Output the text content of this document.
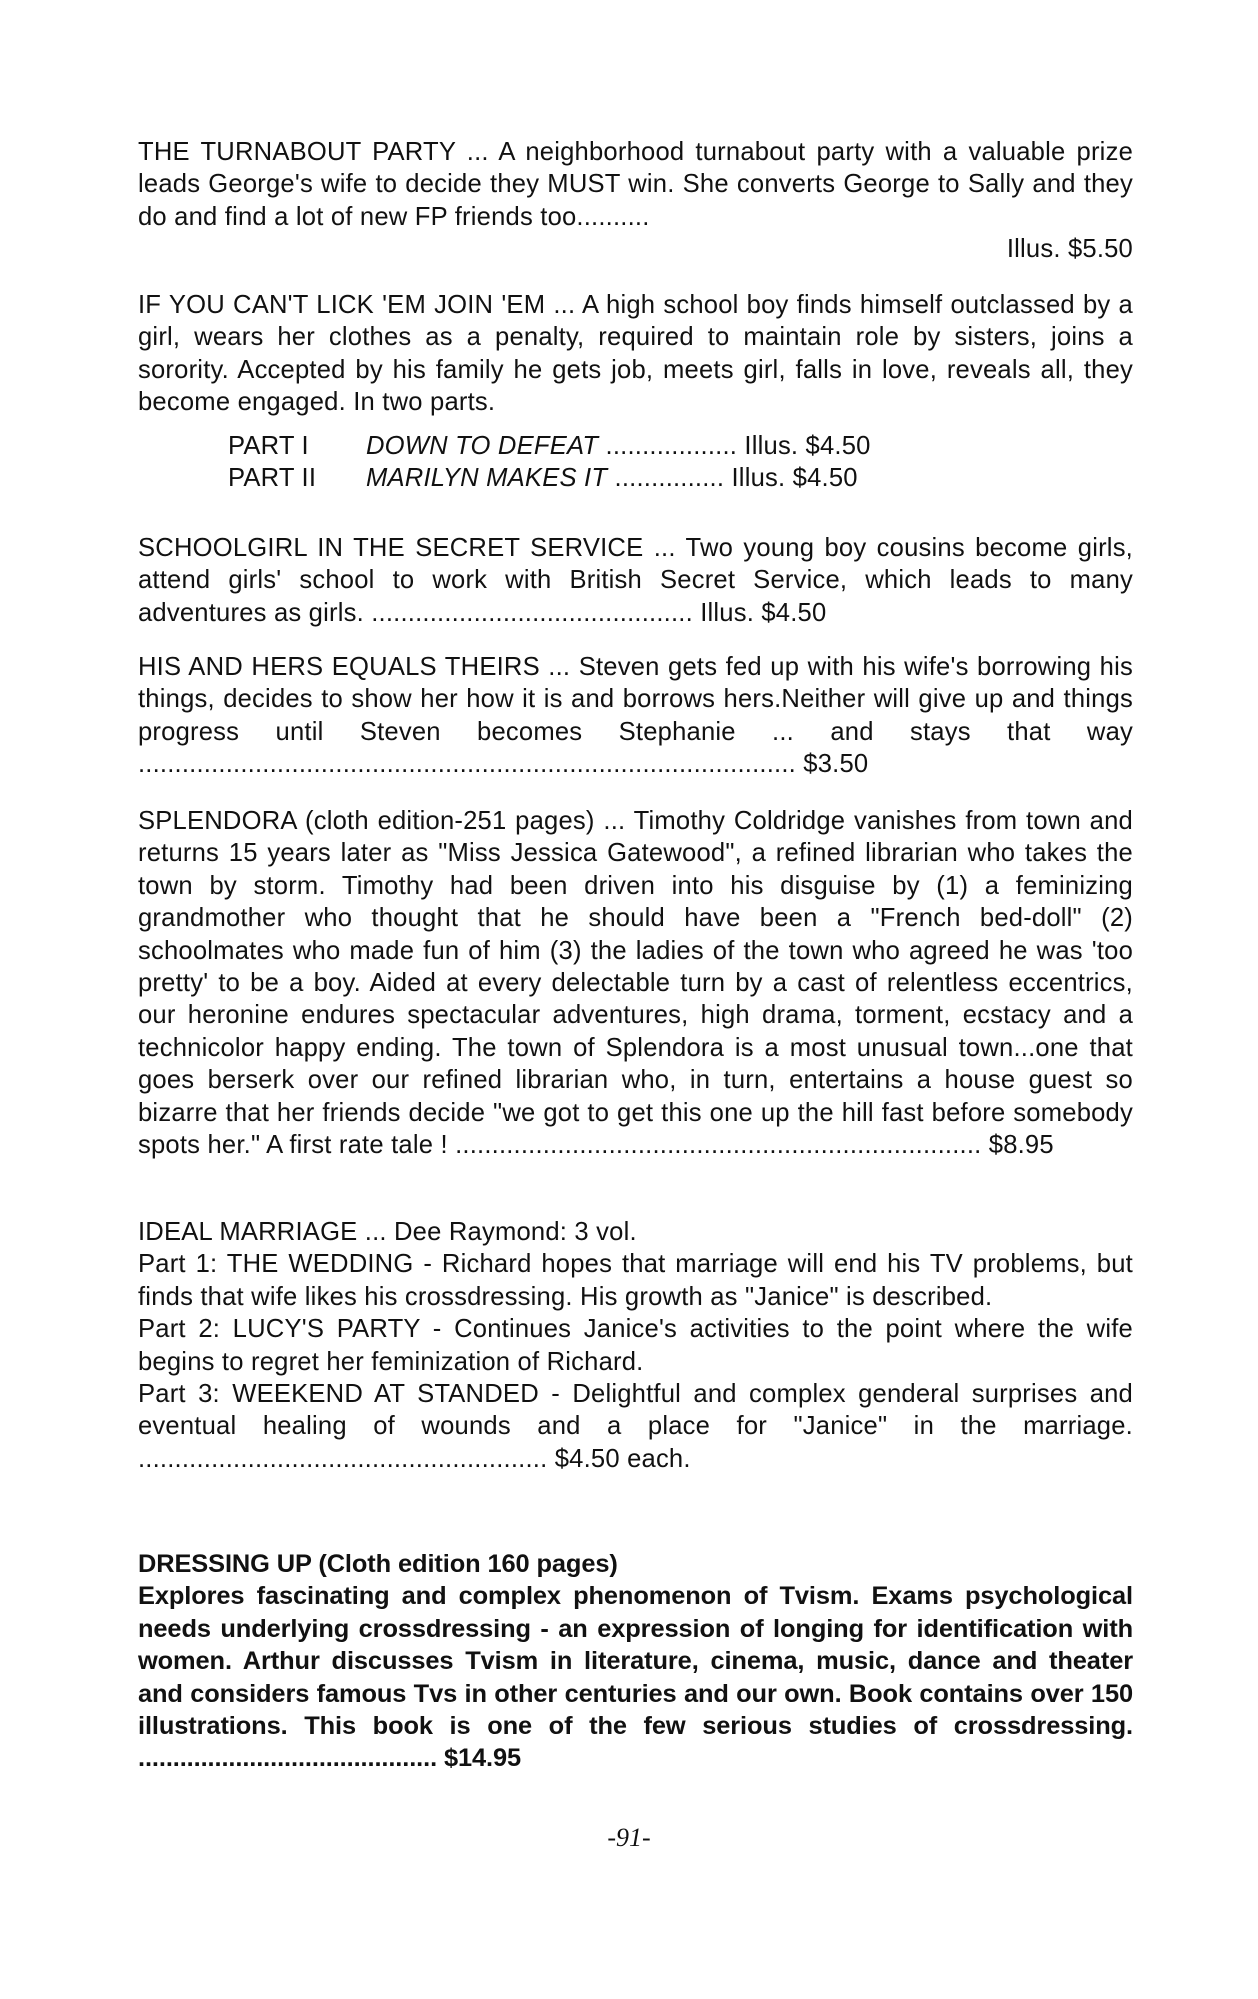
THE TURNABOUT PARTY ... A neighborhood turnabout party with a valuable prize leads George's wife to decide they MUST win. She converts George to Sally and they do and find a lot of new FP friends too..........
Illus. $5.50
IF YOU CAN'T LICK 'EM JOIN 'EM ... A high school boy finds himself outclassed by a girl, wears her clothes as a penalty, required to maintain role by sisters, joins a sorority. Accepted by his family he gets job, meets girl, falls in love, reveals all, they become engaged. In two parts.
PART I DOWN TO DEFEAT .................. Illus. $4.50
PART II MARILYN MAKES IT ............... Illus. $4.50
SCHOOLGIRL IN THE SECRET SERVICE ... Two young boy cousins become girls, attend girls' school to work with British Secret Service, which leads to many adventures as girls. ............................................ Illus. $4.50
HIS AND HERS EQUALS THEIRS ... Steven gets fed up with his wife's borrowing his things, decides to show her how it is and borrows hers.Neither will give up and things progress until Steven becomes Stephanie ... and stays that way .......................................................................................... $3.50
SPLENDORA (cloth edition-251 pages) ... Timothy Coldridge vanishes from town and returns 15 years later as "Miss Jessica Gatewood", a refined librarian who takes the town by storm. Timothy had been driven into his disguise by (1) a feminizing grandmother who thought that he should have been a "French bed-doll" (2) schoolmates who made fun of him (3) the ladies of the town who agreed he was 'too pretty' to be a boy. Aided at every delectable turn by a cast of relentless eccentrics, our heronine endures spectacular adventures, high drama, torment, ecstacy and a technicolor happy ending. The town of Splendora is a most unusual town...one that goes berserk over our refined librarian who, in turn, entertains a house guest so bizarre that her friends decide "we got to get this one up the hill fast before somebody spots her." A first rate tale ! ........................................................................ $8.95
IDEAL MARRIAGE ... Dee Raymond: 3 vol.
Part 1: THE WEDDING - Richard hopes that marriage will end his TV problems, but finds that wife likes his crossdressing. His growth as "Janice" is described.
Part 2: LUCY'S PARTY - Continues Janice's activities to the point where the wife begins to regret her feminization of Richard.
Part 3: WEEKEND AT STANDED - Delightful and complex genderal surprises and eventual healing of wounds and a place for "Janice" in the marriage. ........................................................ $4.50 each.
DRESSING UP (Cloth edition 160 pages)
Explores fascinating and complex phenomenon of Tvism. Exams psychological needs underlying crossdressing - an expression of longing for identification with women. Arthur discusses Tvism in literature, cinema, music, dance and theater and considers famous Tvs in other centuries and our own. Book contains over 150 illustrations. This book is one of the few serious studies of crossdressing. ........................................... $14.95
-91-
